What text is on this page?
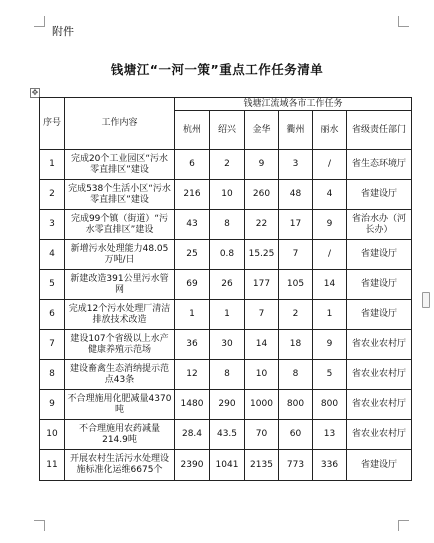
附件
钱塘江“一河一策”重点工作任务清单
✥
序号	工作内容	钱塘江流域各市工作任务					
		杭州	绍兴	金华	衢州	丽水	省级责任部门
1	完成20个工业园区“污水零直排区”建设	6	2	9	3	/	省生态环境厅
2	完成538个生活小区“污水零直排区”建设	216	10	260	48	4	省建设厅
3	完成99个镇（街道）“污水零直排区”建设	43	8	22	17	9	省治水办（河长办）
4	新增污水处理能力48.05万吨/日	25	0.8	15.25	7	/	省建设厅
5	新建改造391公里污水管网	69	26	177	105	14	省建设厅
6	完成12个污水处理厂清洁排放技术改造	1	1	7	2	1	省建设厅
7	建设107个省级以上水产健康养殖示范场	36	30	14	18	9	省农业农村厅
8	建设畜禽生态消纳提示范点43条	12	8	10	8	5	省农业农村厅
9	不合理施用化肥减量4370吨	1480	290	1000	800	800	省农业农村厅
10	不合理施用农药减量214.9吨	28.4	43.5	70	60	13	省农业农村厅
11	开展农村生活污水处理设施标准化运维6675个	2390	1041	2135	773	336	省建设厅
